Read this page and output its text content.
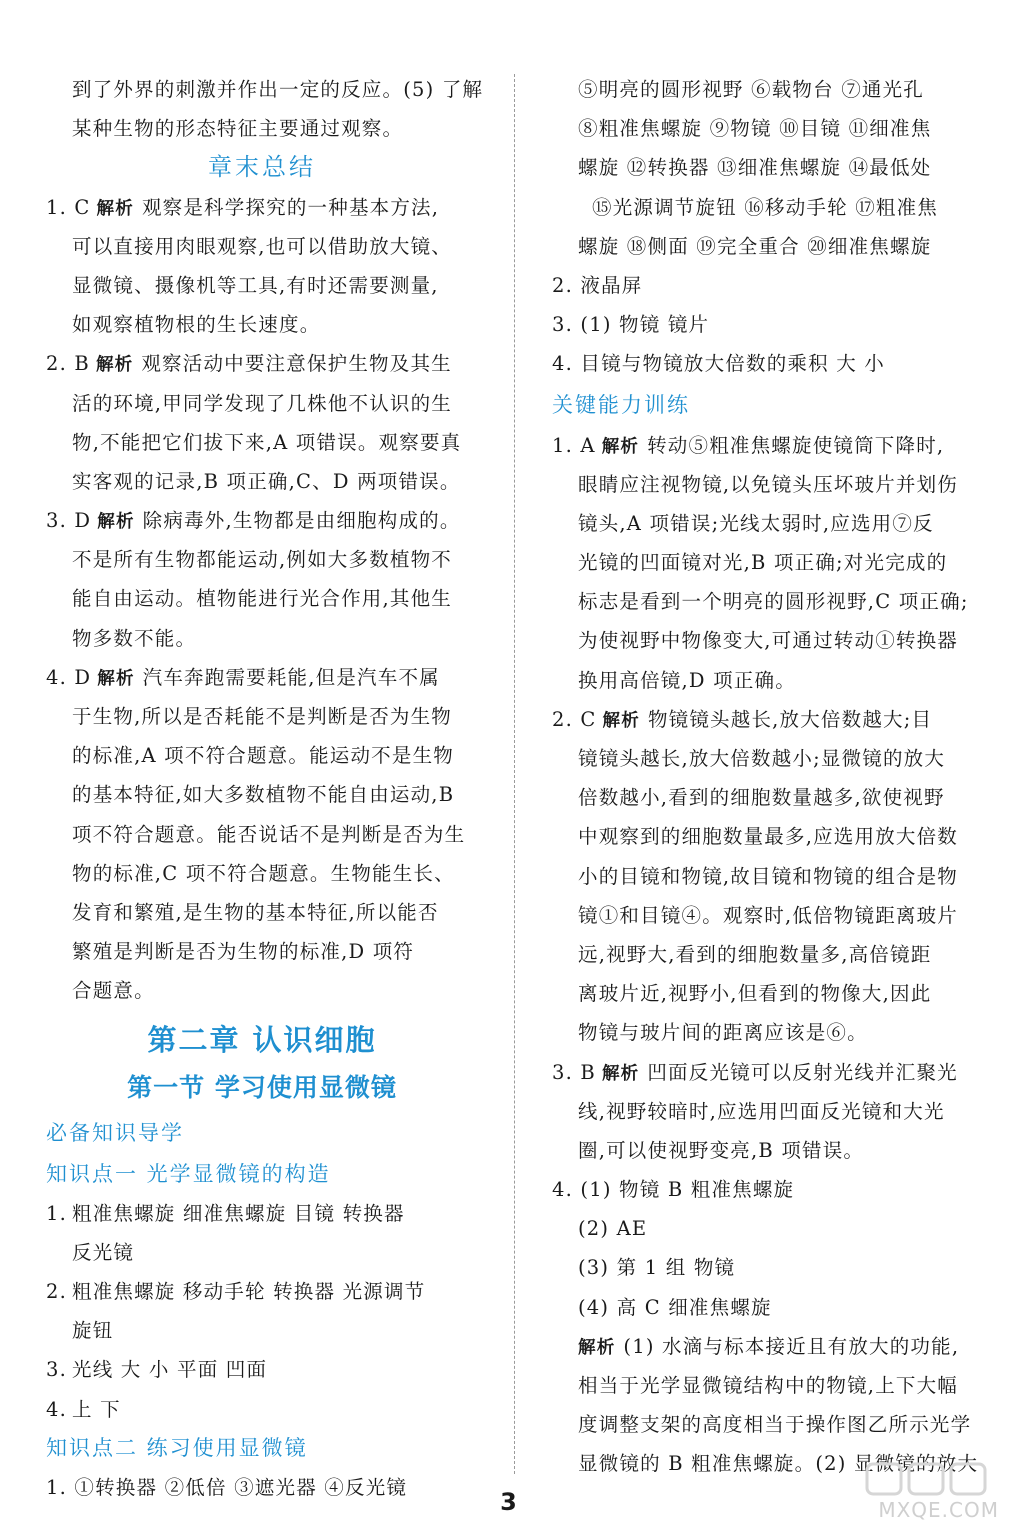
到了外界的刺激并作出一定的反应。(5) 了解
某种生物的形态特征主要通过观察。
章末总结
1. C 解析 观察是科学探究的一种基本方法,
可以直接用肉眼观察,也可以借助放大镜、
显微镜、摄像机等工具,有时还需要测量,
如观察植物根的生长速度。
2. B 解析 观察活动中要注意保护生物及其生
活的环境,甲同学发现了几株他不认识的生
物,不能把它们拔下来,A 项错误。观察要真
实客观的记录,B 项正确,C、D 两项错误。
3. D 解析 除病毒外,生物都是由细胞构成的。
不是所有生物都能运动,例如大多数植物不
能自由运动。植物能进行光合作用,其他生
物多数不能。
4. D 解析 汽车奔跑需要耗能,但是汽车不属
于生物,所以是否耗能不是判断是否为生物
的标准,A 项不符合题意。能运动不是生物
的基本特征,如大多数植物不能自由运动,B
项不符合题意。能否说话不是判断是否为生
物的标准,C 项不符合题意。生物能生长、
发育和繁殖,是生物的基本特征,所以能否
繁殖是判断是否为生物的标准,D 项符
合题意。
第二章 认识细胞
第一节 学习使用显微镜
必备知识导学
知识点一 光学显微镜的构造
1. 粗准焦螺旋 细准焦螺旋 目镜 转换器
反光镜
2. 粗准焦螺旋 移动手轮 转换器 光源调节
旋钮
3. 光线 大 小 平面 凹面
4. 上 下
知识点二 练习使用显微镜
1. ①转换器 ②低倍 ③遮光器 ④反光镜
⑤明亮的圆形视野 ⑥载物台 ⑦通光孔
⑧粗准焦螺旋 ⑨物镜 ⑩目镜 ⑪细准焦
螺旋 ⑫转换器 ⑬细准焦螺旋 ⑭最低处
⑮光源调节旋钮 ⑯移动手轮 ⑰粗准焦
螺旋 ⑱侧面 ⑲完全重合 ⑳细准焦螺旋
2. 液晶屏
3. (1) 物镜 镜片
4. 目镜与物镜放大倍数的乘积 大 小
关键能力训练
1. A 解析 转动⑤粗准焦螺旋使镜筒下降时,
眼睛应注视物镜,以免镜头压坏玻片并划伤
镜头,A 项错误;光线太弱时,应选用⑦反
光镜的凹面镜对光,B 项正确;对光完成的
标志是看到一个明亮的圆形视野,C 项正确;
为使视野中物像变大,可通过转动①转换器
换用高倍镜,D 项正确。
2. C 解析 物镜镜头越长,放大倍数越大;目
镜镜头越长,放大倍数越小;显微镜的放大
倍数越小,看到的细胞数量越多,欲使视野
中观察到的细胞数量最多,应选用放大倍数
小的目镜和物镜,故目镜和物镜的组合是物
镜①和目镜④。观察时,低倍物镜距离玻片
远,视野大,看到的细胞数量多,高倍镜距
离玻片近,视野小,但看到的物像大,因此
物镜与玻片间的距离应该是⑥。
3. B 解析 凹面反光镜可以反射光线并汇聚光
线,视野较暗时,应选用凹面反光镜和大光
圈,可以使视野变亮,B 项错误。
4. (1) 物镜 B 粗准焦螺旋
(2) AE
(3) 第 1 组 物镜
(4) 高 C 细准焦螺旋
解析 (1) 水滴与标本接近且有放大的功能,
相当于光学显微镜结构中的物镜,上下大幅
度调整支架的高度相当于操作图乙所示光学
显微镜的 B 粗准焦螺旋。(2) 显微镜的放大
3	MXQE.COM
